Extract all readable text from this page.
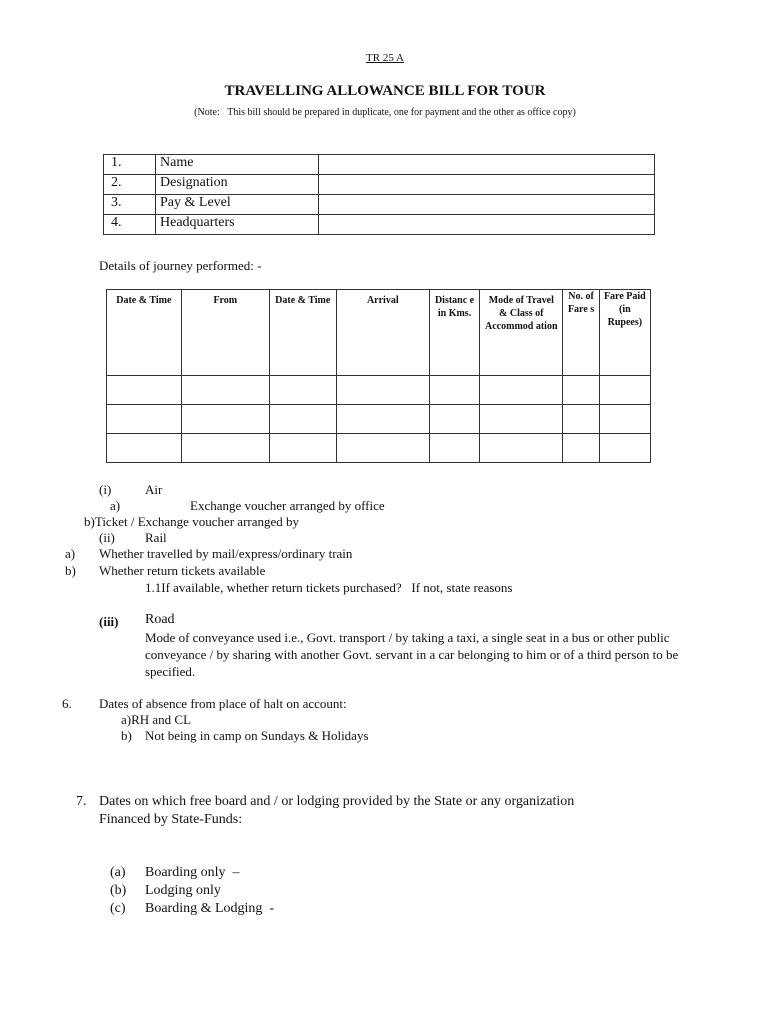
TR 25 A
TRAVELLING ALLOWANCE BILL FOR TOUR
(Note:   This bill should be prepared in duplicate, one for payment and the other as office copy)
1.	Name	
2.	Designation	
3.	Pay & Level	
4.	Headquarters	
Details of journey performed: -
Date & Time	From	Date & Time	Arrival	Distanc e in Kms.	Mode of Travel & Class of Accommod ation	No. of Fare s	Fare Paid (in Rupees)

(i)	Air
a)	Exchange voucher arranged by office
b)Ticket / Exchange voucher arranged by
(ii) Rail
a) Whether travelled by mail/express/ordinary train
b) Whether return tickets available
1.1If available, whether return tickets purchased?   If not, state reasons
(iii) Road
Mode of conveyance used i.e., Govt. transport / by taking a taxi, a single seat in a bus or other public
conveyance / by sharing with another Govt. servant in a car belonging to him or of a third person to be
specified.
6. Dates of absence from place of halt on account:
a)RH and CL
b) Not being in camp on Sundays & Holidays
7. Dates on which free board and / or lodging provided by the State or any organization
Financed by State-Funds:
(a) Boarding only  –
(b) Lodging only
(c) Boarding & Lodging  -
